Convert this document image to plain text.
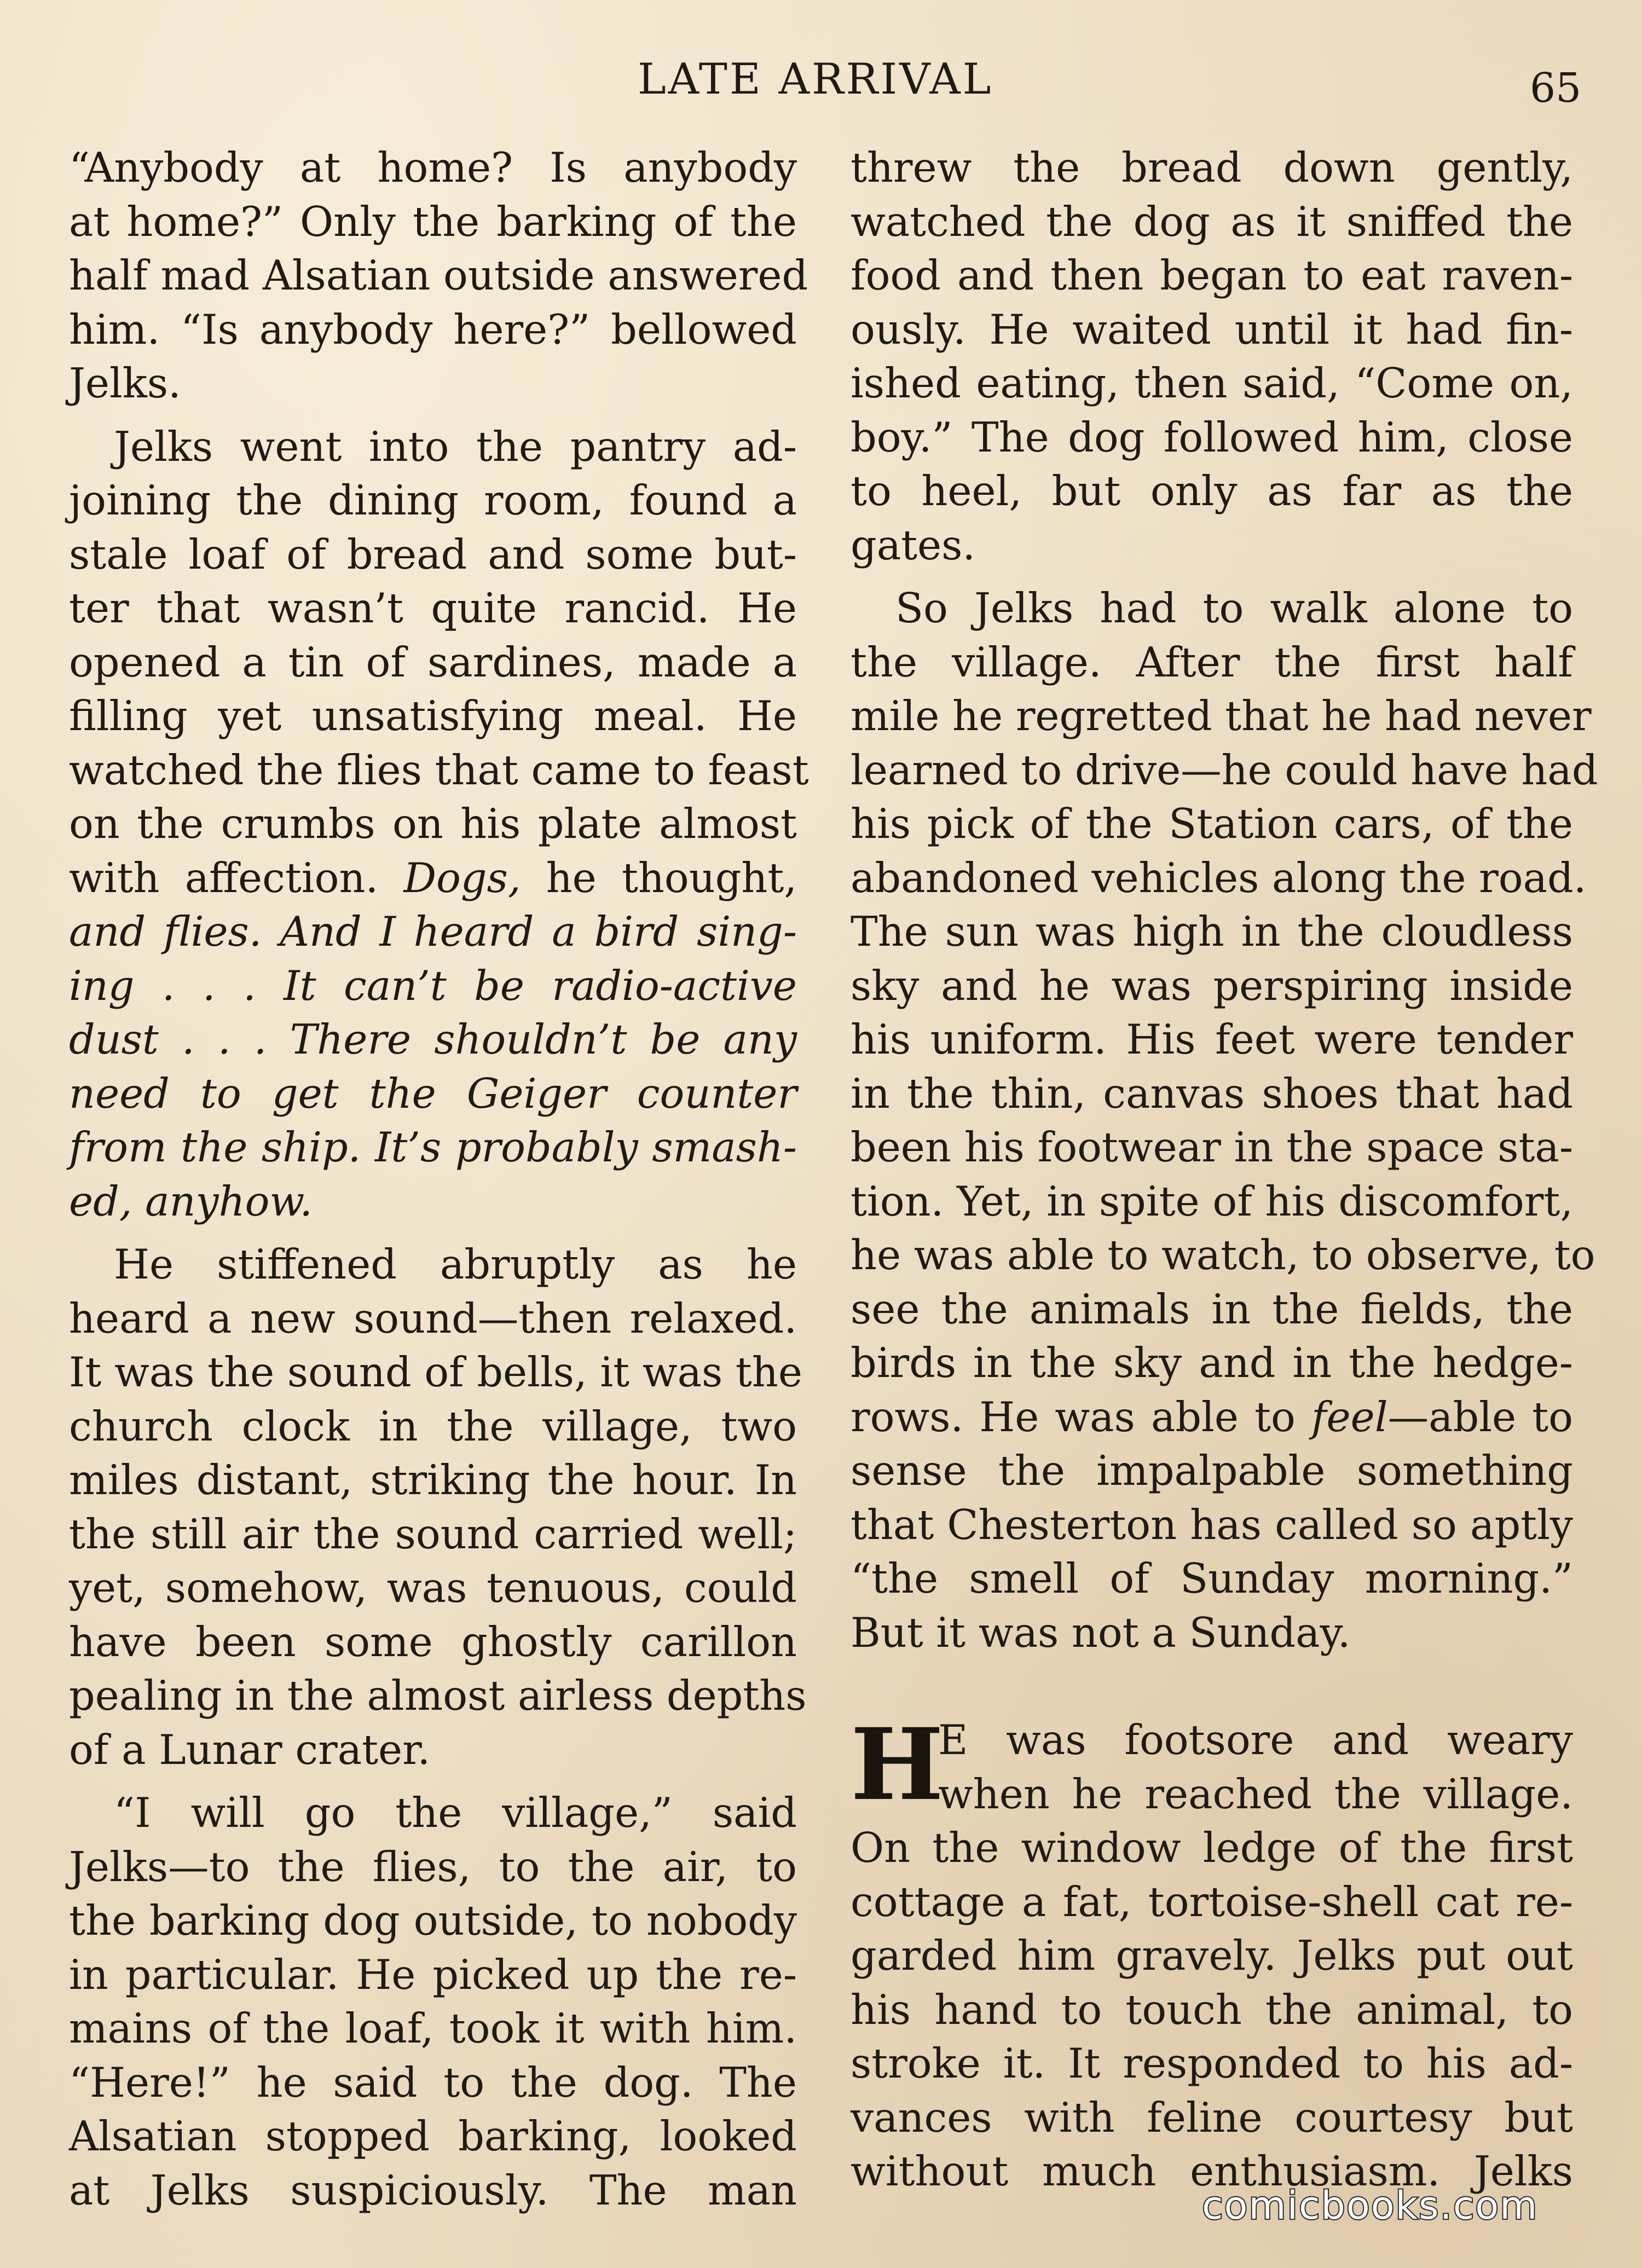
LATE ARRIVAL	65
“Anybody at home? Is anybody
at home?” Only the barking of the
half mad Alsatian outside answered
him. “Is anybody here?” bellowed
Jelks.
Jelks went into the pantry ad-
joining the dining room, found a
stale loaf of bread and some but-
ter that wasn’t quite rancid. He
opened a tin of sardines, made a
filling yet unsatisfying meal. He
watched the flies that came to feast
on the crumbs on his plate almost
with affection. Dogs, he thought,
and flies. And I heard a bird sing-
ing . . . It can’t be radio-active
dust . . . There shouldn’t be any
need to get the Geiger counter
from the ship. It’s probably smash-
ed, anyhow.
He stiffened abruptly as he
heard a new sound—then relaxed.
It was the sound of bells, it was the
church clock in the village, two
miles distant, striking the hour. In
the still air the sound carried well;
yet, somehow, was tenuous, could
have been some ghostly carillon
pealing in the almost airless depths
of a Lunar crater.
“I will go the village,” said
Jelks—to the flies, to the air, to
the barking dog outside, to nobody
in particular. He picked up the re-
mains of the loaf, took it with him.
“Here!” he said to the dog. The
Alsatian stopped barking, looked
at Jelks suspiciously. The man
threw the bread down gently,
watched the dog as it sniffed the
food and then began to eat raven-
ously. He waited until it had fin-
ished eating, then said, “Come on,
boy.” The dog followed him, close
to heel, but only as far as the
gates.
So Jelks had to walk alone to
the village. After the first half
mile he regretted that he had never
learned to drive—he could have had
his pick of the Station cars, of the
abandoned vehicles along the road.
The sun was high in the cloudless
sky and he was perspiring inside
his uniform. His feet were tender
in the thin, canvas shoes that had
been his footwear in the space sta-
tion. Yet, in spite of his discomfort,
he was able to watch, to observe, to
see the animals in the fields, the
birds in the sky and in the hedge-
rows. He was able to feel—able to
sense the impalpable something
that Chesterton has called so aptly
“the smell of Sunday morning.”
But it was not a Sunday.
H
E was footsore and weary
when he reached the village.
On the window ledge of the first
cottage a fat, tortoise-shell cat re-
garded him gravely. Jelks put out
his hand to touch the animal, to
stroke it. It responded to his ad-
vances with feline courtesy but
without much enthusiasm. Jelks
comicbooks.com
